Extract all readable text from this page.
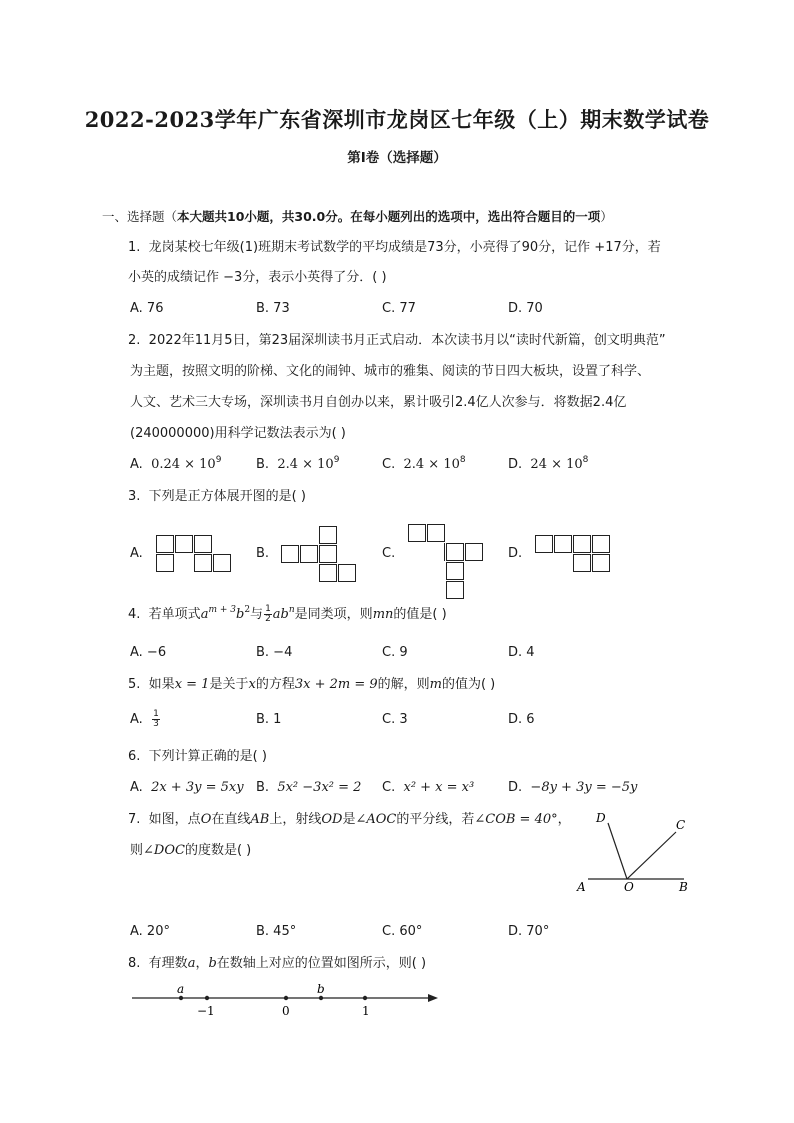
2022-2023学年广东省深圳市龙岗区七年级（上）期末数学试卷
第I卷（选择题）
一、选择题（本大题共10小题，共30.0分。在每小题列出的选项中，选出符合题目的一项）
1. 龙岗某校七年级(1)班期末考试数学的平均成绩是73分，小亮得了90分，记作 +17分，若
小英的成绩记作 −3分，表示小英得了分．( )
A. 76	B. 73	C. 77	D. 70
2. 2022年11月5日，第23届深圳读书月正式启动．本次读书月以“读时代新篇，创文明典范”
为主题，按照文明的阶梯、文化的闹钟、城市的雅集、阅读的节日四大板块，设置了科学、
人文、艺术三大专场，深圳读书月自创办以来，累计吸引2.4亿人次参与．将数据2.4亿
(240000000)用科学记数法表示为( )
A. $0.24 \times 10^9$	B. $2.4 \times 10^9$	C. $2.4 \times 10^8$	D. $24 \times 10^8$
3. 下列是正方体展开图的是( )
A.	B.	C.	D.
4. 若单项式$a^{m + 3}b^2$与 $\frac{1}{2} ab^n$是同类项，则mn的值是( )
A. −6	B. −4	C. 9	D. 4
5. 如果x = 1是关于x的方程3x + 2m = 9的解，则m的值为( )
A. $\frac{1}{3}$	B. 1	C. 3	D. 6
6. 下列计算正确的是( )
A. 2x + 3y = 5xy B. 5x² −3x² = 2 C. x² + x = x³	D. −8y + 3y = −5y
7. 如图，点O在直线AB上，射线OD是∠AOC的平分线，若∠COB = 40°，
则∠DOC的度数是( )
D	C
A	O	B
A. 20°	B. 45°	C. 60°	D. 70°
8. 有理数a，b在数轴上对应的位置如图所示，则( )
a	b
−1	0	1
